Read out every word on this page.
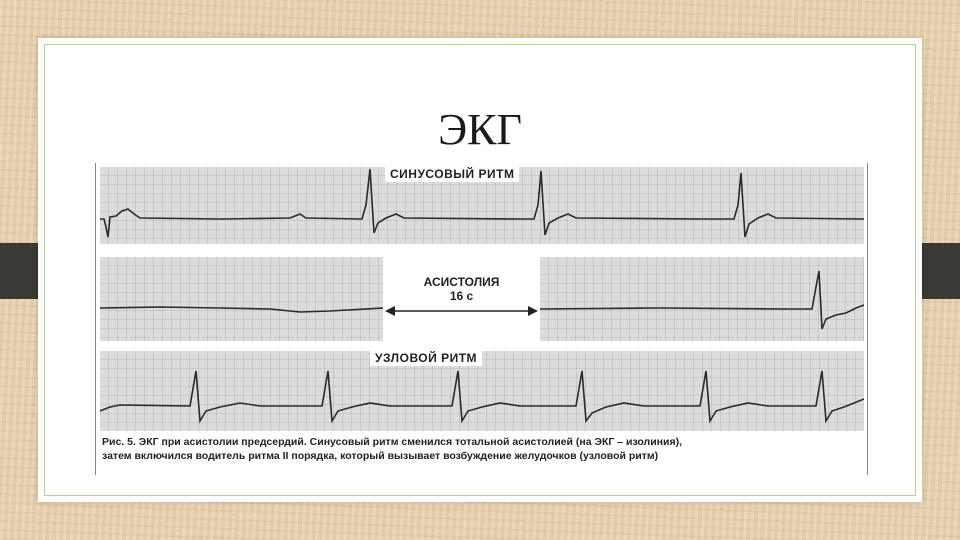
ЭКГ
СИНУСОВЫЙ РИТМ
АСИСТОЛИЯ
16 с
УЗЛОВОЙ РИТМ
Рис. 5. ЭКГ при асистолии предсердий. Синусовый ритм сменился тотальной асистолией (на ЭКГ – изолиния),
затем включился водитель ритма II порядка, который вызывает возбуждение желудочков (узловой ритм)
